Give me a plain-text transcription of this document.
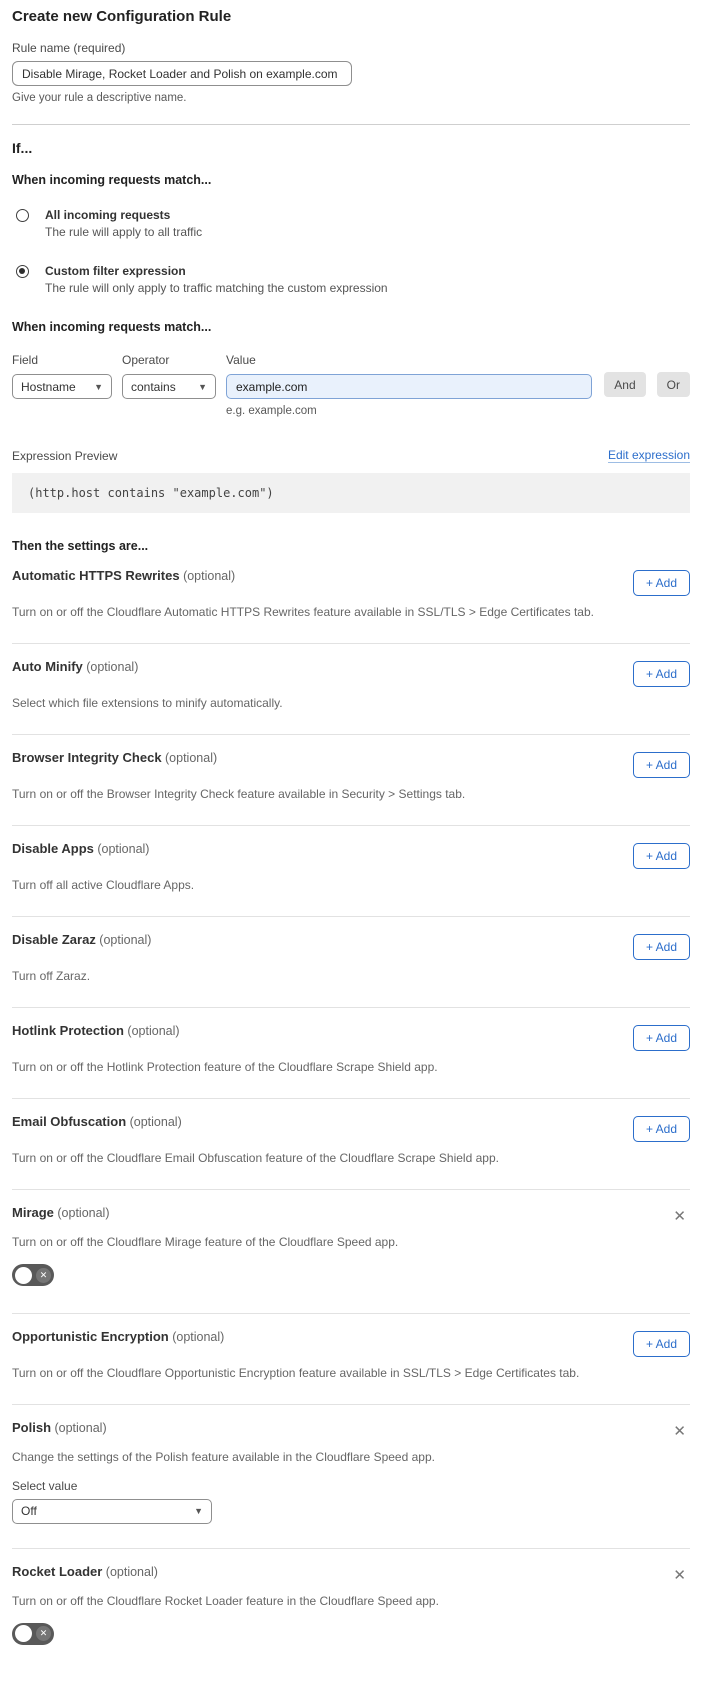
Create new Configuration Rule
Rule name (required)
Disable Mirage, Rocket Loader and Polish on example.com
Give your rule a descriptive name.
If...
When incoming requests match...
All incoming requests
The rule will apply to all traffic
Custom filter expression
The rule will only apply to traffic matching the custom expression
When incoming requests match...
Field
Hostname ▼
Operator
contains ▼
Value
example.com
e.g. example.com
And	Or
Expression Preview	Edit expression
(http.host contains "example.com")
Then the settings are...
Automatic HTTPS Rewrites (optional)	+ Add
Turn on or off the Cloudflare Automatic HTTPS Rewrites feature available in SSL/TLS > Edge Certificates tab.
Auto Minify (optional)	+ Add
Select which file extensions to minify automatically.
Browser Integrity Check (optional)	+ Add
Turn on or off the Browser Integrity Check feature available in Security > Settings tab.
Disable Apps (optional)	+ Add
Turn off all active Cloudflare Apps.
Disable Zaraz (optional)	+ Add
Turn off Zaraz.
Hotlink Protection (optional)	+ Add
Turn on or off the Hotlink Protection feature of the Cloudflare Scrape Shield app.
Email Obfuscation (optional)	+ Add
Turn on or off the Cloudflare Email Obfuscation feature of the Cloudflare Scrape Shield app.
Mirage (optional)	✕
Turn on or off the Cloudflare Mirage feature of the Cloudflare Speed app.
✕
Opportunistic Encryption (optional)	+ Add
Turn on or off the Cloudflare Opportunistic Encryption feature available in SSL/TLS > Edge Certificates tab.
Polish (optional)	✕
Change the settings of the Polish feature available in the Cloudflare Speed app.
Select value
Off	▼
Rocket Loader (optional)	✕
Turn on or off the Cloudflare Rocket Loader feature in the Cloudflare Speed app.
✕
